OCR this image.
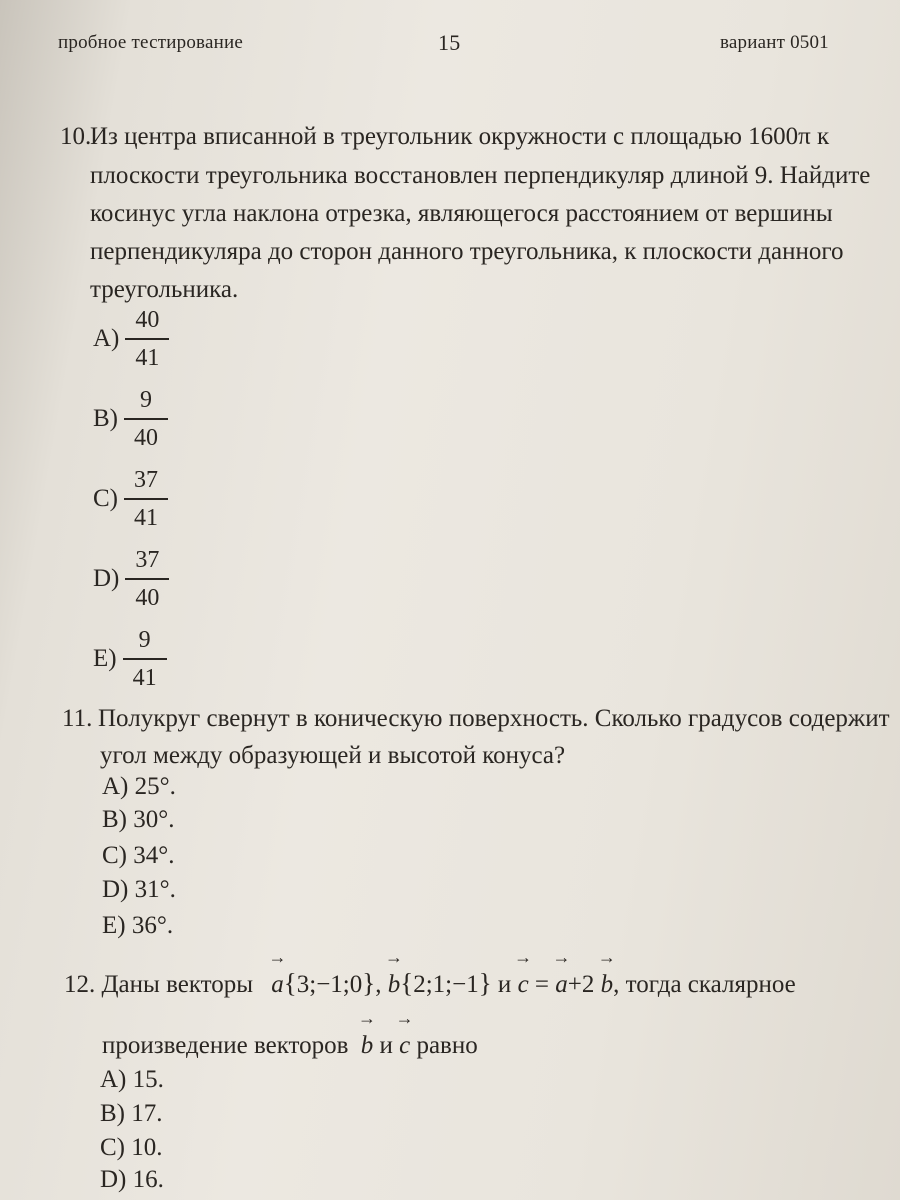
пробное тестирование	15	вариант 0501
10.
Из центра вписанной в треугольник окружности с площадью 1600π к
плоскости треугольника восстановлен перпендикуляр длиной 9. Найдите
косинус угла наклона отрезка, являющегося расстоянием от вершины
перпендикуляра до сторон данного треугольника, к плоскости данного
треугольника.
$A) \frac{40}{41}$
$B) \frac{9}{40}$
$C) \frac{37}{41}$
$D) \frac{37}{40}$
$E) \frac{9}{41}$
11. Полукруг свернут в коническую поверхность. Сколько градусов содержит
угол между образующей и высотой конуса?
A) 25°.
B) 30°.
C) 34°.
D) 31°.
E) 36°.
12. Даны векторы
→
a{3;−1;0},
→
b{2;1;−1} и
→
c =
→
a+2
→
b, тогда скалярное
произведение векторов
→
b и
→
c равно
A) 15.
B) 17.
C) 10.
D) 16.
